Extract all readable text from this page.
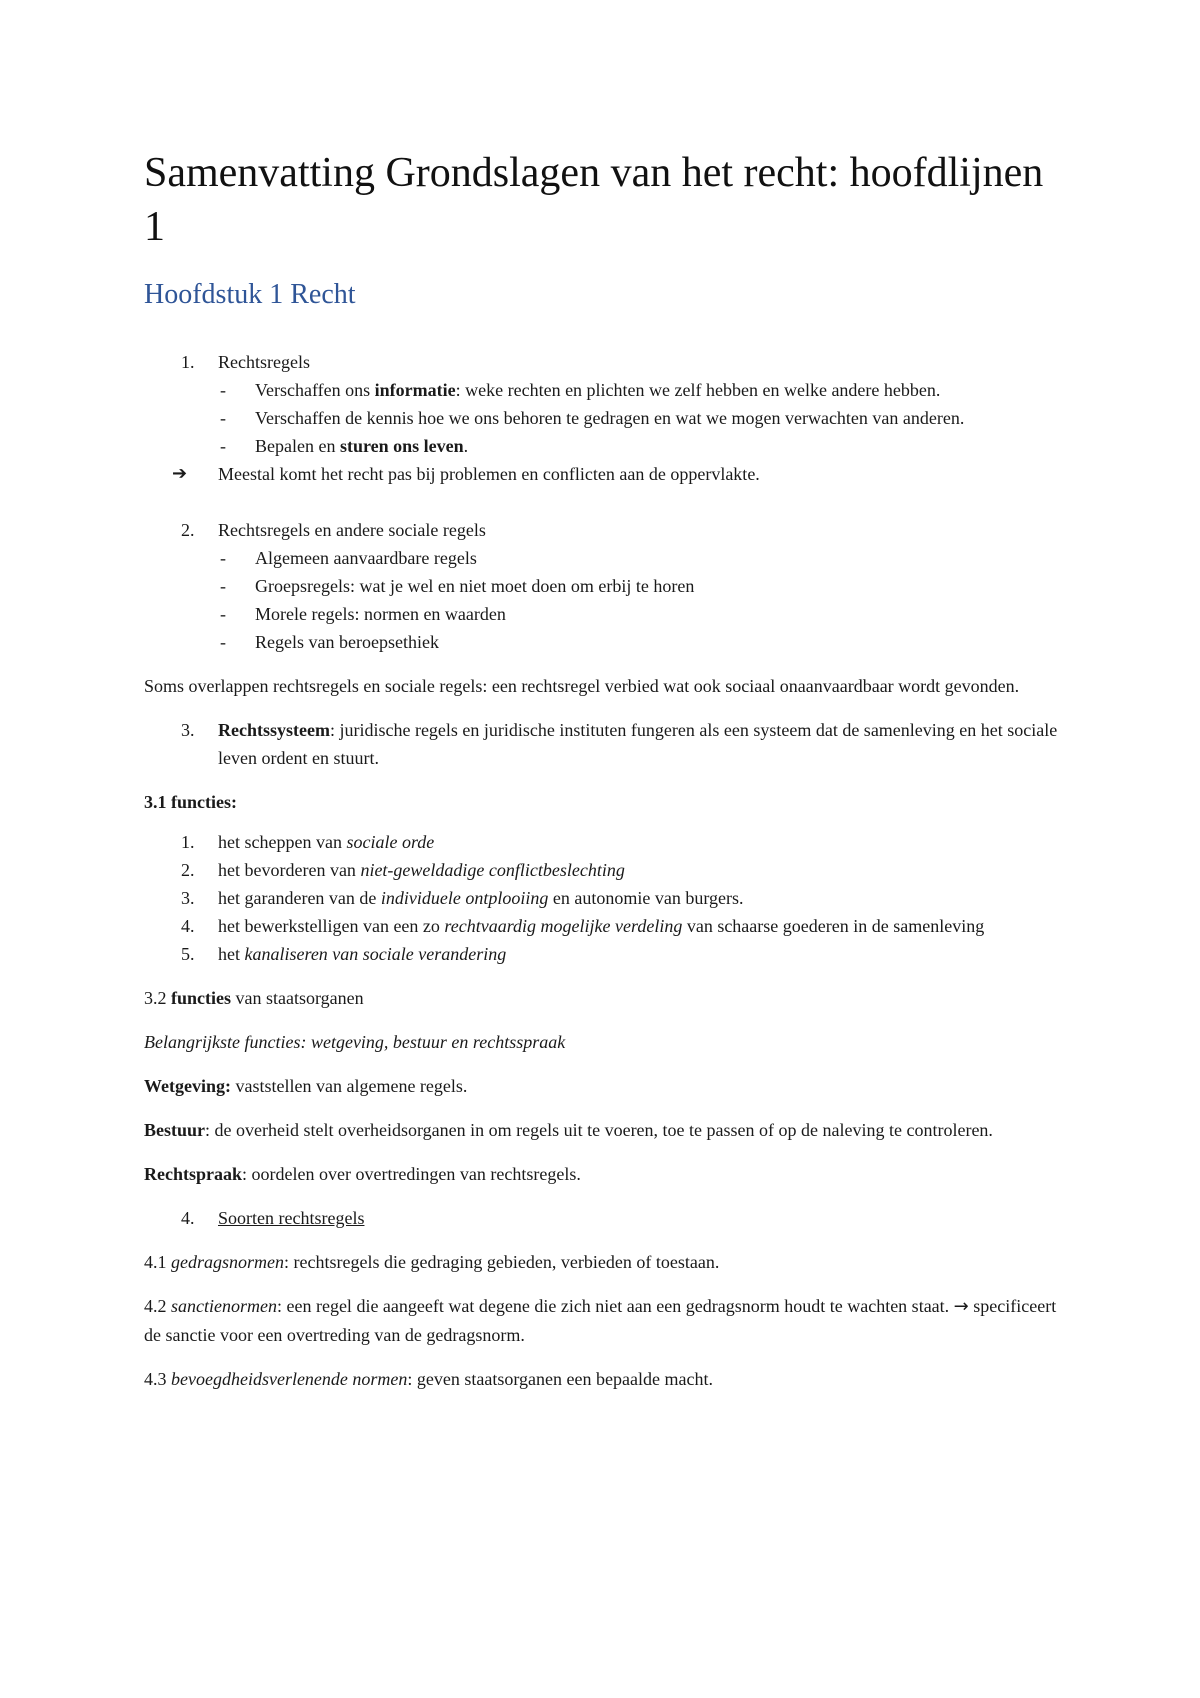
Samenvatting Grondslagen van het recht: hoofdlijnen 1
Hoofdstuk 1 Recht

1. Rechtsregels

- Verschaffen ons informatie: weke rechten en plichten we zelf hebben en welke andere hebben.

- Verschaffen de kennis hoe we ons behoren te gedragen en wat we mogen verwachten van anderen.

- Bepalen en sturen ons leven.

➔ Meestal komt het recht pas bij problemen en conflicten aan de oppervlakte.

2. Rechtsregels en andere sociale regels

- Algemeen aanvaardbare regels

- Groepsregels: wat je wel en niet moet doen om erbij te horen

- Morele regels: normen en waarden

- Regels van beroepsethiek

Soms overlappen rechtsregels en sociale regels: een rechtsregel verbied wat ook sociaal onaanvaardbaar wordt gevonden.

3. Rechtssysteem: juridische regels en juridische instituten fungeren als een systeem dat de samenleving en het sociale leven ordent en stuurt.

3.1 functies:

1. het scheppen van sociale orde

2. het bevorderen van niet-geweldadige conflictbeslechting

3. het garanderen van de individuele ontplooiing en autonomie van burgers.

4. het bewerkstelligen van een zo rechtvaardig mogelijke verdeling van schaarse goederen in de samenleving

5. het kanaliseren van sociale verandering

3.2 functies van staatsorganen

Belangrijkste functies: wetgeving, bestuur en rechtsspraak

Wetgeving: vaststellen van algemene regels.

Bestuur: de overheid stelt overheidsorganen in om regels uit te voeren, toe te passen of op de naleving te controleren.

Rechtspraak: oordelen over overtredingen van rechtsregels.

4. Soorten rechtsregels

4.1 gedragsnormen: rechtsregels die gedraging gebieden, verbieden of toestaan.

4.2 sanctienormen: een regel die aangeeft wat degene die zich niet aan een gedragsnorm houdt te wachten staat. → specificeert de sanctie voor een overtreding van de gedragsnorm.

4.3 bevoegdheidsverlenende normen: geven staatsorganen een bepaalde macht.
